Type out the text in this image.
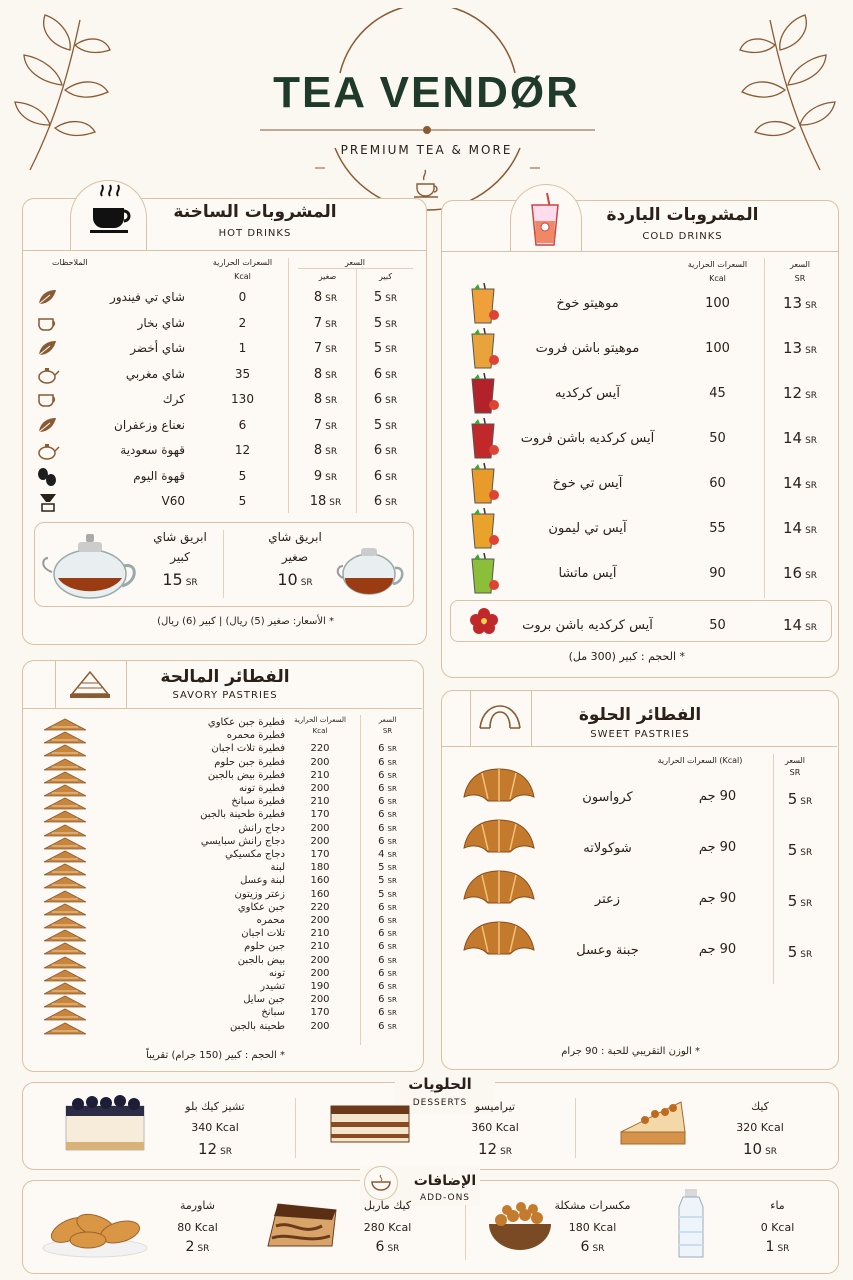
TEA VENDØR
PREMIUM TEA & MORE
المشروبات الساخنة
HOT DRINKS
الملاحظات	السعرات الحرارية
Kcal
السعر
صغير	كبير
شاي تي فيندور	0	8 SR	5 SR
شاي بخار	2	7 SR	5 SR
شاي أخضر	1	7 SR	5 SR
شاي مغربي	35	8 SR	6 SR
كرك	130	8 SR	6 SR
نعناع وزعفران	6	7 SR	5 SR
قهوة سعودية	12	8 SR	6 SR
قهوة اليوم	5	9 SR	6 SR
V60	5	18 SR	6 SR
ابريق شاي
كبير
15 SR
ابريق شاي
صغير
10 SR
* الأسعار: صغير (5) ريال) | كبير (6) ريال)
المشروبات الباردة
COLD DRINKS
السعرات الحرارية
Kcal
السعر
SR
موهيتو خوخ	100	13 SR
موهيتو باشن فروت	100	13 SR
آيس كركديه	45	12 SR
آيس كركديه باشن فروت	50	14 SR
آيس تي خوخ	60	14 SR
آيس تي ليمون	55	14 SR
آيس ماتشا	90	16 SR
آيس كركديه باشن بروت	50	14 SR
* الحجم : كبير (300 مل)
الفطائر المالحة
SAVORY PASTRIES
السعرات الحرارية
Kcal
السعر
SR
فطيرة جبن عكاوي
فطيرة محمره
فطيرة تلات اجبان	220	6 SR
فطيرة جبن حلوم	200	6 SR
فطيرة بيض بالجبن	210	6 SR
فطيرة تونه	200	6 SR
فطيرة سبانخ	210	6 SR
فطيرة طحينة بالجبن	170	6 SR
دجاج رانش	200	6 SR
دجاج رانش سبايسي	200	6 SR
دجاج مكسيكي	170	4 SR
لبنة	180	5 SR
لبنة وعسل	160	5 SR
زعتر وزيتون	160	5 SR
جبن عكاوي	220	6 SR
محمره	200	6 SR
تلات اجبان	210	6 SR
جبن حلوم	210	6 SR
بيض بالجبن	200	6 SR
تونه	200	6 SR
تشيدر	190	6 SR
جبن سايل	200	6 SR
سبانخ	170	6 SR
طحينة بالجبن	200	6 SR
* الحجم : كبير (150 جرام) تقريباً
الفطائر الحلوة
SWEET PASTRIES
السعرات الحرارية (Kcal)	السعر
SR
كرواسون	90 جم	5 SR
شوكولاته	90 جم	5 SR
زعتر	90 جم	5 SR
جبنة وعسل	90 جم	5 SR
* الوزن التقريبي للحبة : 90 جرام
الحلويات
DESSERTS	كيك
320 Kcal
10 SR
تيراميسو
360 Kcal
12 SR
تشيز كيك بلو
340 Kcal
12 SR
الإضافات
ADD-ONS
ماء
0 Kcal
1 SR
مكسرات مشكلة
180 Kcal
6 SR
كيك ماربل
280 Kcal
6 SR
شاورمة
80 Kcal
2 SR
